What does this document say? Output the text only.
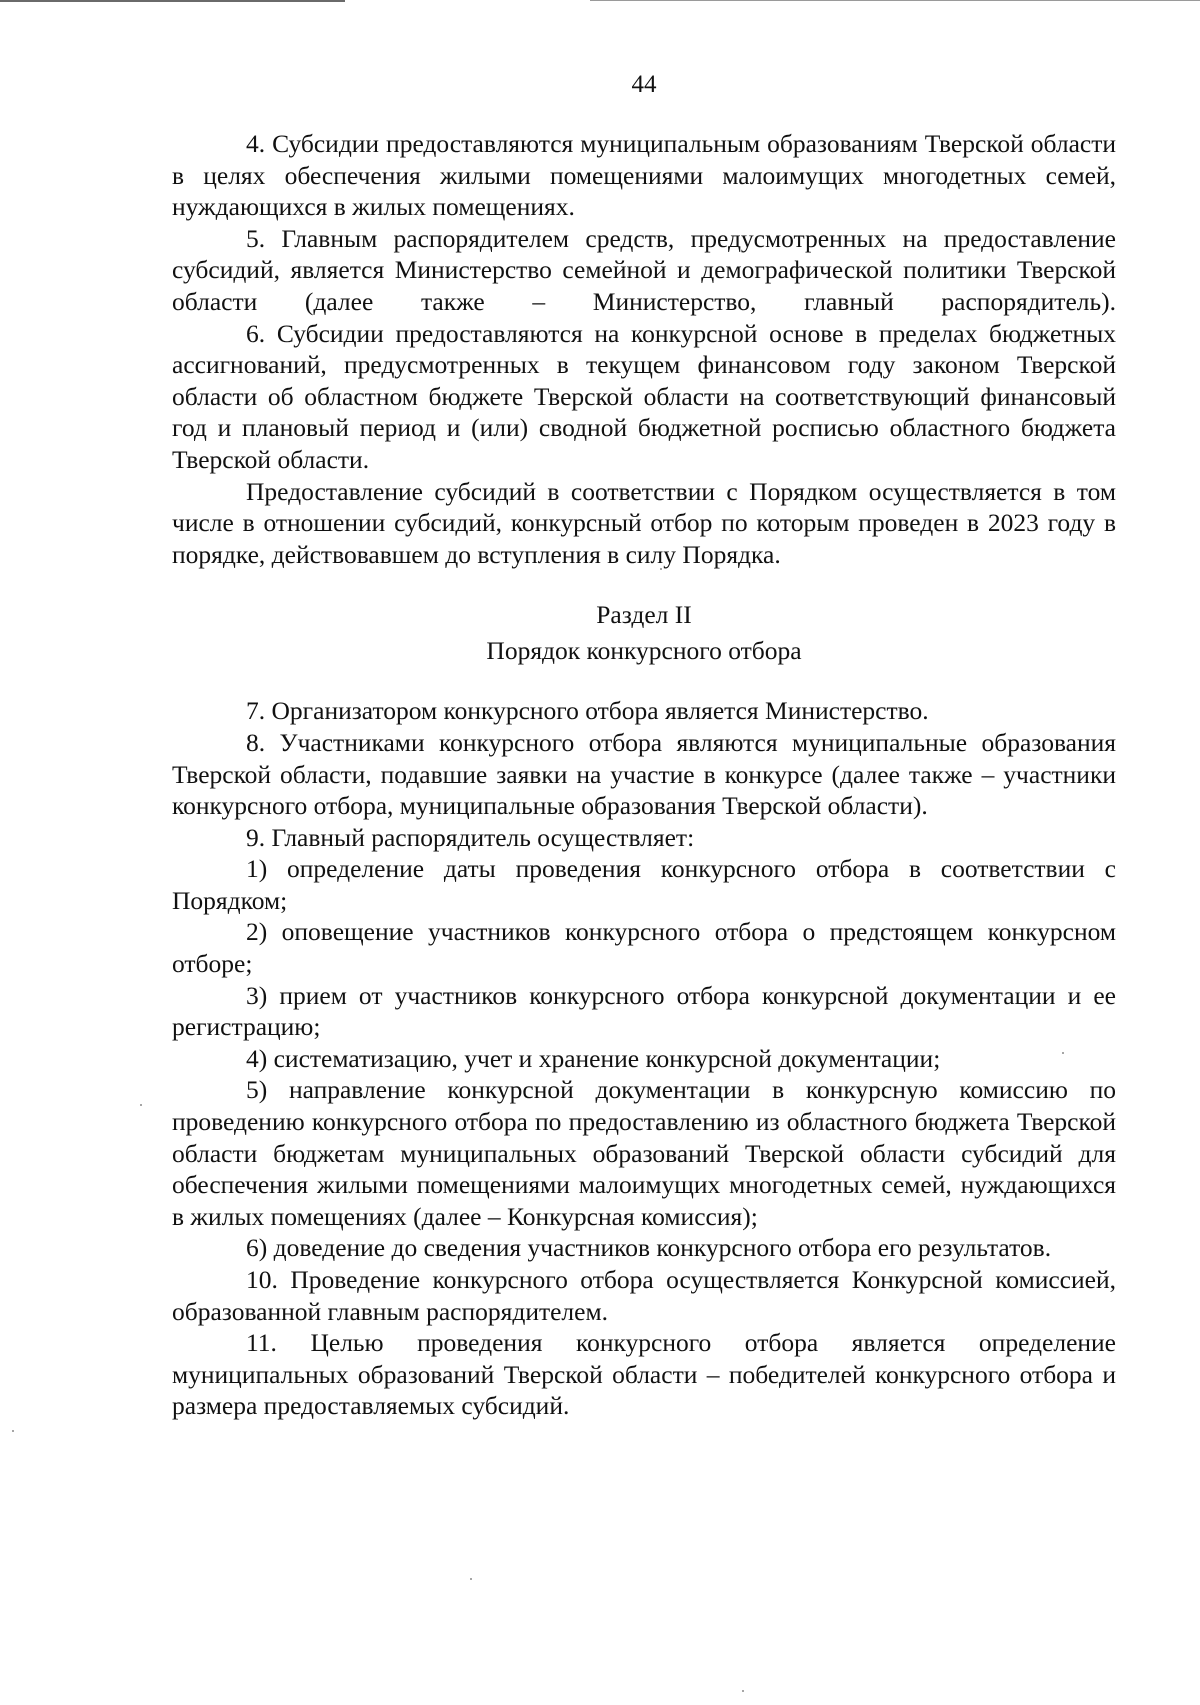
44

4. Субсидии предоставляются муниципальным образованиям Тверской области в целях обеспечения жилыми помещениями малоимущих многодетных семей, нуждающихся в жилых помещениях.

5. Главным распорядителем средств, предусмотренных на предоставление субсидий, является Министерство семейной и демографической политики Тверской области (далее также – Министерство, главный распорядитель).

6. Субсидии предоставляются на конкурсной основе в пределах бюджетных ассигнований, предусмотренных в текущем финансовом году законом Тверской области об областном бюджете Тверской области на соответствующий финансовый год и плановый период и (или) сводной бюджетной росписью областного бюджета Тверской области.

Предоставление субсидий в соответствии с Порядком осуществляется в том числе в отношении субсидий, конкурсный отбор по которым проведен в 2023 году в порядке, действовавшем до вступления в силу Порядка.

Раздел II
Порядок конкурсного отбора

7. Организатором конкурсного отбора является Министерство.

8. Участниками конкурсного отбора являются муниципальные образования Тверской области, подавшие заявки на участие в конкурсе (далее также – участники конкурсного отбора, муниципальные образования Тверской области).

9. Главный распорядитель осуществляет:

1) определение даты проведения конкурсного отбора в соответствии с Порядком;

2) оповещение участников конкурсного отбора о предстоящем конкурсном отборе;

3) прием от участников конкурсного отбора конкурсной документации и ее регистрацию;

4) систематизацию, учет и хранение конкурсной документации;

5) направление конкурсной документации в конкурсную комиссию по проведению конкурсного отбора по предоставлению из областного бюджета Тверской области бюджетам муниципальных образований Тверской области субсидий для обеспечения жилыми помещениями малоимущих многодетных семей, нуждающихся в жилых помещениях (далее – Конкурсная комиссия);

6) доведение до сведения участников конкурсного отбора его результатов.

10. Проведение конкурсного отбора осуществляется Конкурсной комиссией, образованной главным распорядителем.

11. Целью проведения конкурсного отбора является определение муниципальных образований Тверской области – победителей конкурсного отбора и размера предоставляемых субсидий.
